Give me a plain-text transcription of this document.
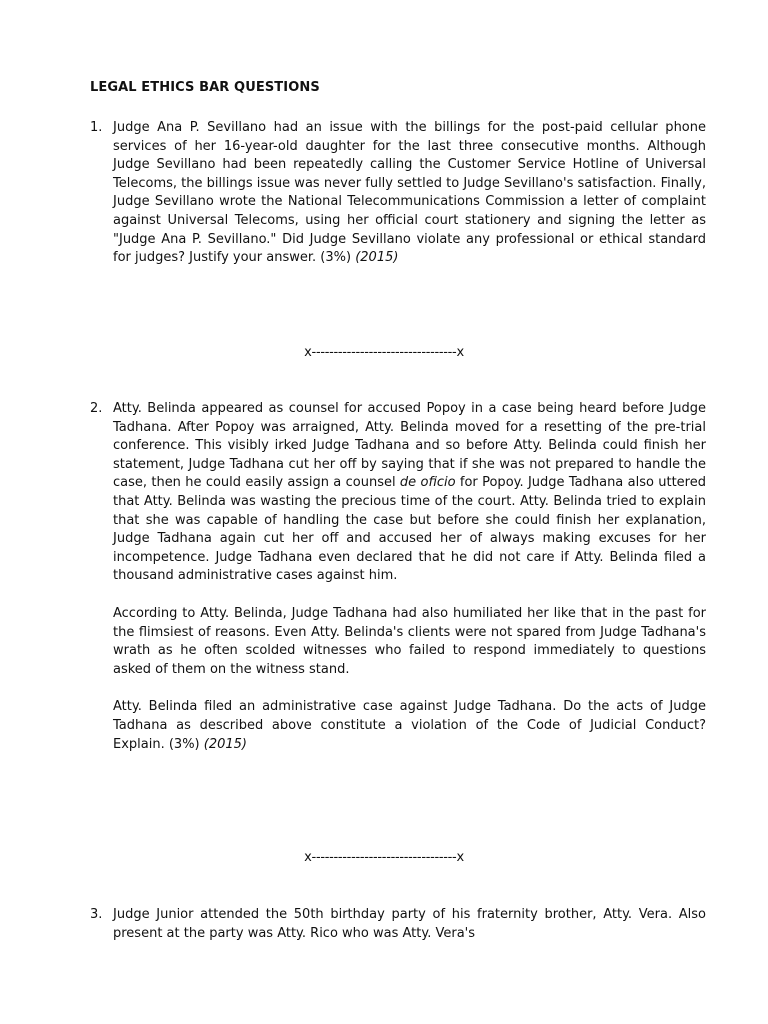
LEGAL ETHICS BAR QUESTIONS
1. Judge Ana P. Sevillano had an issue with the billings for the post-paid cellular phone services of her 16-year-old daughter for the last three consecutive months. Although Judge Sevillano had been repeatedly calling the Customer Service Hotline of Universal Telecoms, the billings issue was never fully settled to Judge Sevillano's satisfaction. Finally, Judge Sevillano wrote the National Telecommunications Commission a letter of complaint against Universal Telecoms, using her official court stationery and signing the letter as "Judge Ana P. Sevillano." Did Judge Sevillano violate any professional or ethical standard for judges? Justify your answer. (3%) (2015)

x---------------------------------x
2. Atty. Belinda appeared as counsel for accused Popoy in a case being heard before Judge Tadhana. After Popoy was arraigned, Atty. Belinda moved for a resetting of the pre-trial conference. This visibly irked Judge Tadhana and so before Atty. Belinda could finish her statement, Judge Tadhana cut her off by saying that if she was not prepared to handle the case, then he could easily assign a counsel de oficio for Popoy. Judge Tadhana also uttered that Atty. Belinda was wasting the precious time of the court. Atty. Belinda tried to explain that she was capable of handling the case but before she could finish her explanation, Judge Tadhana again cut her off and accused her of always making excuses for her incompetence. Judge Tadhana even declared that he did not care if Atty. Belinda filed a thousand administrative cases against him.

According to Atty. Belinda, Judge Tadhana had also humiliated her like that in the past for the flimsiest of reasons. Even Atty. Belinda's clients were not spared from Judge Tadhana's wrath as he often scolded witnesses who failed to respond immediately to questions asked of them on the witness stand.

Atty. Belinda filed an administrative case against Judge Tadhana. Do the acts of Judge Tadhana as described above constitute a violation of the Code of Judicial Conduct? Explain. (3%) (2015)

x---------------------------------x
3. Judge Junior attended the 50th birthday party of his fraternity brother, Atty. Vera. Also present at the party was Atty. Rico who was Atty. Vera's
